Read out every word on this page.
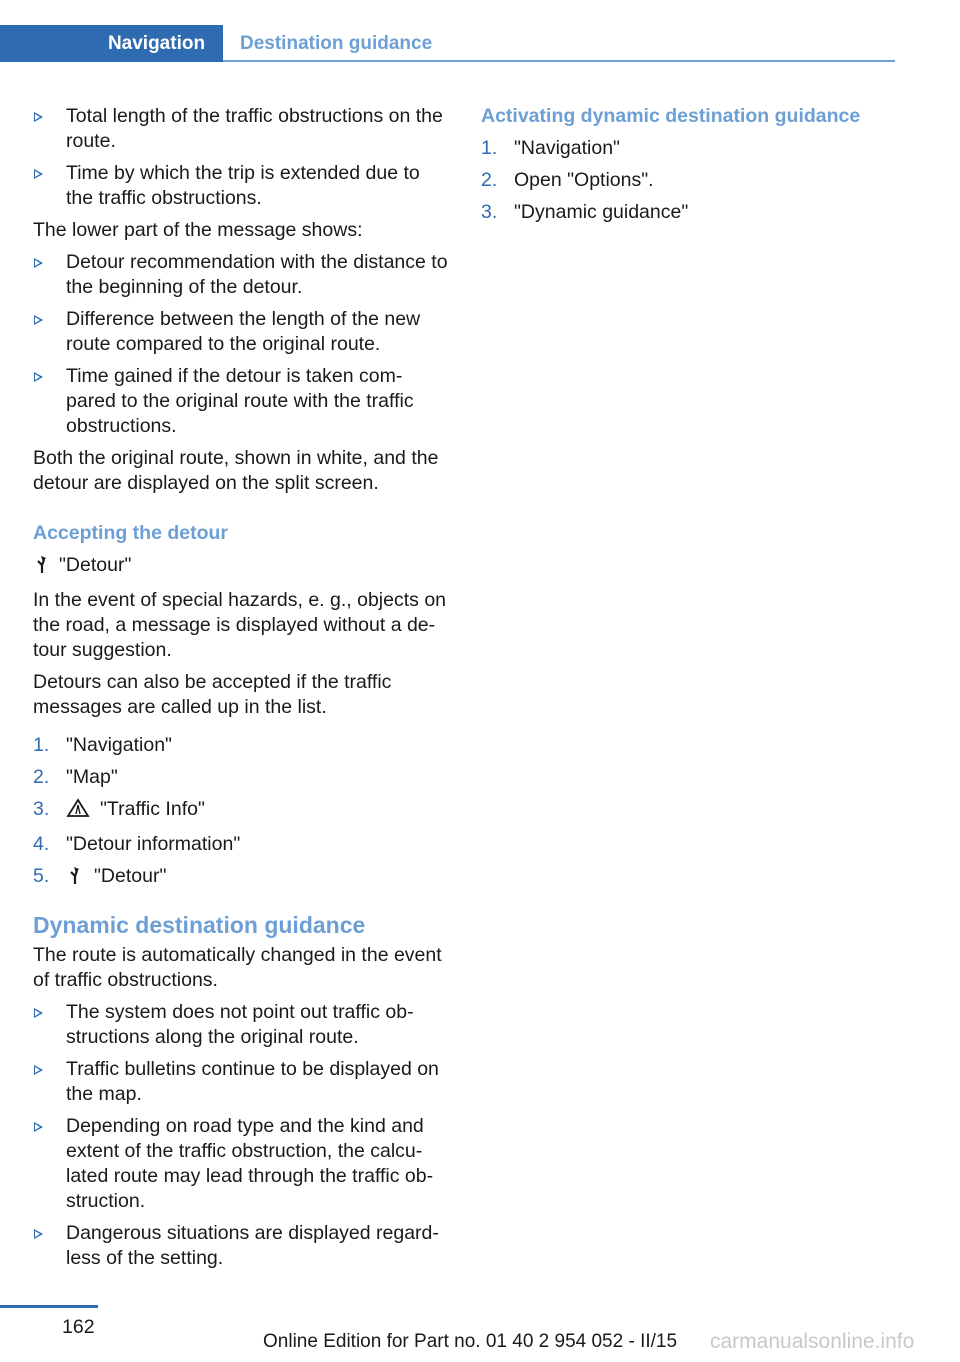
Navigation	Destination guidance
Total length of the traffic obstructions on the route.
Time by which the trip is extended due to the traffic obstructions.

The lower part of the message shows:

Detour recommendation with the distance to the beginning of the detour.
Difference between the length of the new route compared to the original route.
Time gained if the detour is taken com‐ pared to the original route with the traffic obstructions.

Both the original route, shown in white, and the detour are displayed on the split screen.

Accepting the detour

"Detour"

In the event of special hazards, e. g., objects on the road, a message is displayed without a de‐ tour suggestion.

Detours can also be accepted if the traffic messages are called up in the list.

1. "Navigation"
2. "Map"
3.	"Traffic Info"
4. "Detour information"
5. "Detour"
Dynamic destination guidance

The route is automatically changed in the event of traffic obstructions.

The system does not point out traffic ob‐ structions along the original route.
Traffic bulletins continue to be displayed on the map.
Depending on road type and the kind and extent of the traffic obstruction, the calcu‐ lated route may lead through the traffic ob‐ struction.
Dangerous situations are displayed regard‐ less of the setting.
Activating dynamic destination guidance
1. "Navigation"
2. Open "Options".
3. "Dynamic guidance"
162
Online Edition for Part no. 01 40 2 954 052 - II/15 carmanualsonline.info
